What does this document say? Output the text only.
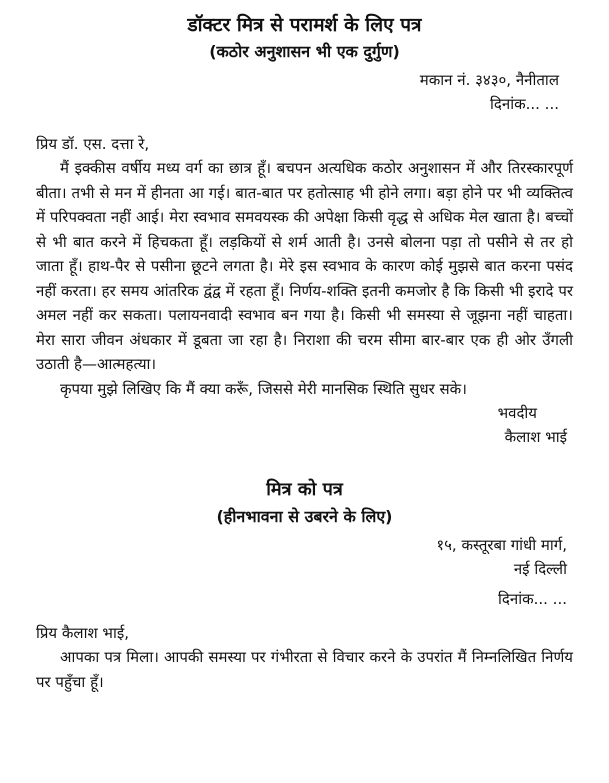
डॉक्टर मित्र से परामर्श के लिए पत्र

(कठोर अनुशासन भी एक दुर्गुण)

मकान नं. ३४३०, नैनीताल

दिनांक... ...

प्रिय डॉ. एस. दत्ता रे,

मैं इक्कीस वर्षीय मध्य वर्ग का छात्र हूँ। बचपन अत्यधिक कठोर अनुशासन में और तिरस्कारपूर्ण बीता। तभी से मन में हीनता आ गई। बात-बात पर हतोत्साह भी होने लगा। बड़ा होने पर भी व्यक्तित्व में परिपक्वता नहीं आई। मेरा स्वभाव समवयस्क की अपेक्षा किसी वृद्ध से अधिक मेल खाता है। बच्चों से भी बात करने में हिचकता हूँ। लड़कियों से शर्म आती है। उनसे बोलना पड़ा तो पसीने से तर हो जाता हूँ। हाथ-पैर से पसीना छूटने लगता है। मेरे इस स्वभाव के कारण कोई मुझसे बात करना पसंद नहीं करता। हर समय आंतरिक द्वंद्व में रहता हूँ। निर्णय-शक्ति इतनी कमजोर है कि किसी भी इरादे पर अमल नहीं कर सकता। पलायनवादी स्वभाव बन गया है। किसी भी समस्या से जूझना नहीं चाहता। मेरा सारा जीवन अंधकार में डूबता जा रहा है। निराशा की चरम सीमा बार-बार एक ही ओर उँगली उठाती है—आत्महत्या।

कृपया मुझे लिखिए कि मैं क्या करूँ, जिससे मेरी मानसिक स्थिति सुधर सके।

भवदीय

कैलाश भाई

मित्र को पत्र

(हीनभावना से उबरने के लिए)

१५, कस्तूरबा गांधी मार्ग,

नई दिल्ली

दिनांक... ...

प्रिय कैलाश भाई,

आपका पत्र मिला। आपकी समस्या पर गंभीरता से विचार करने के उपरांत मैं निम्नलिखित निर्णय पर पहुँचा हूँ।
